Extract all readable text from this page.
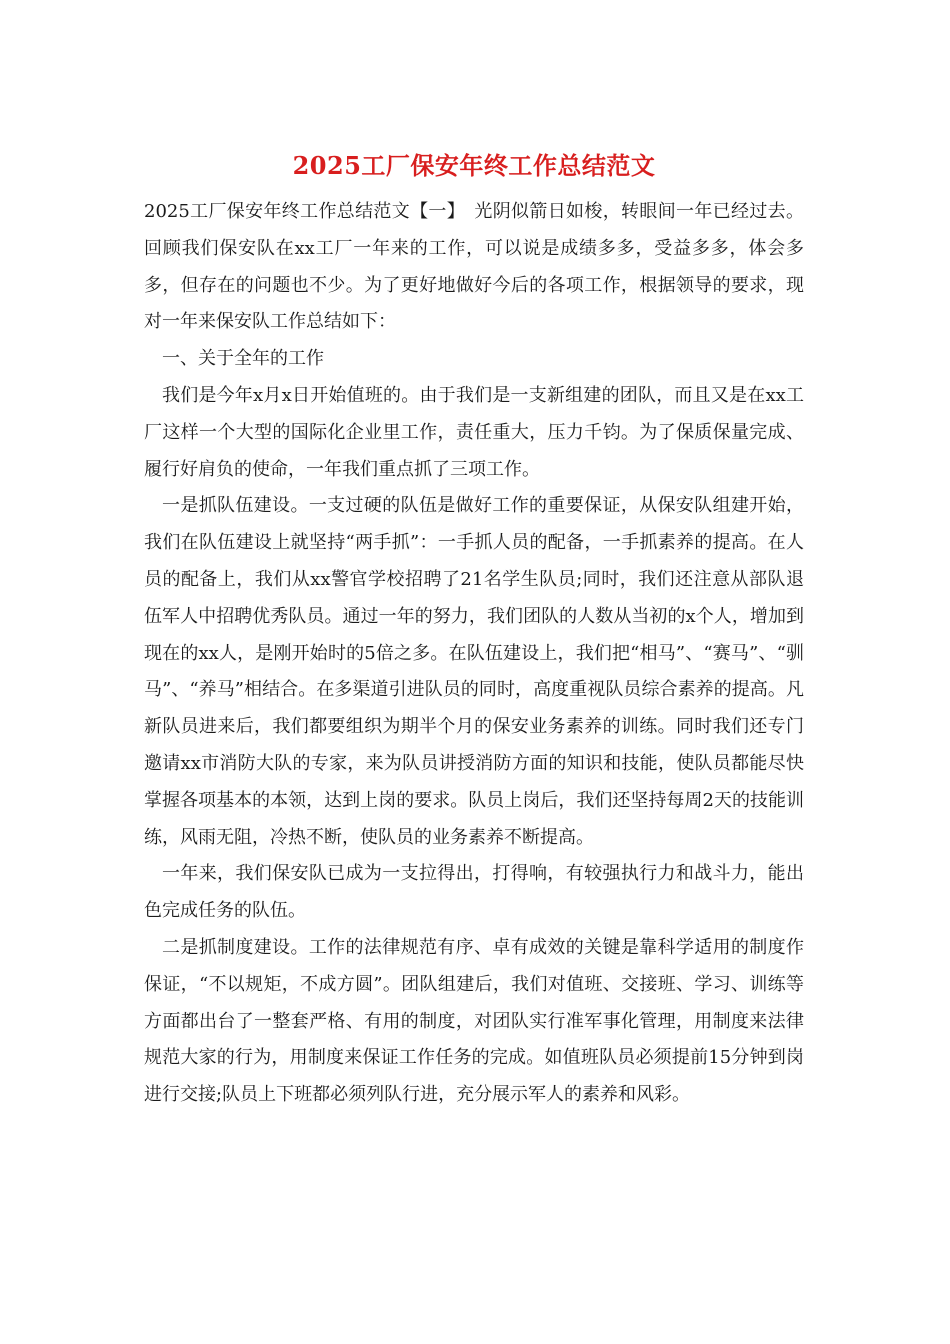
2025工厂保安年终工作总结范文

2025工厂保安年终工作总结范文【一】　光阴似箭日如梭，转眼间一年已经过去。回顾我们保安队在xx工厂一年来的工作，可以说是成绩多多，受益多多，体会多多，但存在的问题也不少。为了更好地做好今后的各项工作，根据领导的要求，现对一年来保安队工作总结如下：

一、关于全年的工作

我们是今年x月x日开始值班的。由于我们是一支新组建的团队，而且又是在xx工厂这样一个大型的国际化企业里工作，责任重大，压力千钧。为了保质保量完成、履行好肩负的使命，一年我们重点抓了三项工作。

一是抓队伍建设。一支过硬的队伍是做好工作的重要保证，从保安队组建开始，我们在队伍建设上就坚持“两手抓”：一手抓人员的配备，一手抓素养的提高。在人员的配备上，我们从xx警官学校招聘了21名学生队员;同时，我们还注意从部队退伍军人中招聘优秀队员。通过一年的努力，我们团队的人数从当初的x个人，增加到现在的xx人，是刚开始时的5倍之多。在队伍建设上，我们把“相马”、“赛马”、“驯马”、“养马”相结合。在多渠道引进队员的同时，高度重视队员综合素养的提高。凡新队员进来后，我们都要组织为期半个月的保安业务素养的训练。同时我们还专门邀请xx市消防大队的专家，来为队员讲授消防方面的知识和技能，使队员都能尽快掌握各项基本的本领，达到上岗的要求。队员上岗后，我们还坚持每周2天的技能训练，风雨无阻，冷热不断，使队员的业务素养不断提高。

一年来，我们保安队已成为一支拉得出，打得响，有较强执行力和战斗力，能出色完成任务的队伍。

二是抓制度建设。工作的法律规范有序、卓有成效的关键是靠科学适用的制度作保证，“不以规矩，不成方圆”。团队组建后，我们对值班、交接班、学习、训练等方面都出台了一整套严格、有用的制度，对团队实行准军事化管理，用制度来法律规范大家的行为，用制度来保证工作任务的完成。如值班队员必须提前15分钟到岗进行交接;队员上下班都必须列队行进，充分展示军人的素养和风彩。
